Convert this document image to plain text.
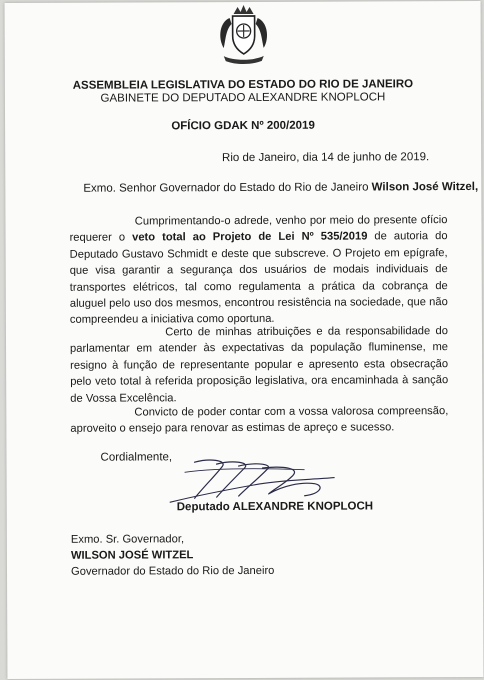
ASSEMBLEIA LEGISLATIVA DO ESTADO DO RIO DE JANEIRO
GABINETE DO DEPUTADO ALEXANDRE KNOPLOCH
OFÍCIO GDAK Nº 200/2019
Rio de Janeiro, dia 14 de junho de 2019.
Exmo. Senhor Governador do Estado do Rio de Janeiro Wilson José Witzel,

Cumprimentando-o adrede, venho por meio do presente ofício requerer o veto total ao Projeto de Lei Nº 535/2019 de autoria do Deputado Gustavo Schmidt e deste que subscreve. O Projeto em epígrafe, que visa garantir a segurança dos usuários de modais individuais de transportes elétricos, tal como regulamenta a prática da cobrança de aluguel pelo uso dos mesmos, encontrou resistência na sociedade, que não compreendeu a iniciativa como oportuna.

Certo de minhas atribuições e da responsabilidade do parlamentar em atender às expectativas da população fluminense, me resigno à função de representante popular e apresento esta obsecração pelo veto total à referida proposição legislativa, ora encaminhada à sanção de Vossa Excelência.

Convicto de poder contar com a vossa valorosa compreensão, aproveito o ensejo para renovar as estimas de apreço e sucesso.

Cordialmente,
Deputado ALEXANDRE KNOPLOCH
Exmo. Sr. Governador,
WILSON JOSÉ WITZEL
Governador do Estado do Rio de Janeiro
